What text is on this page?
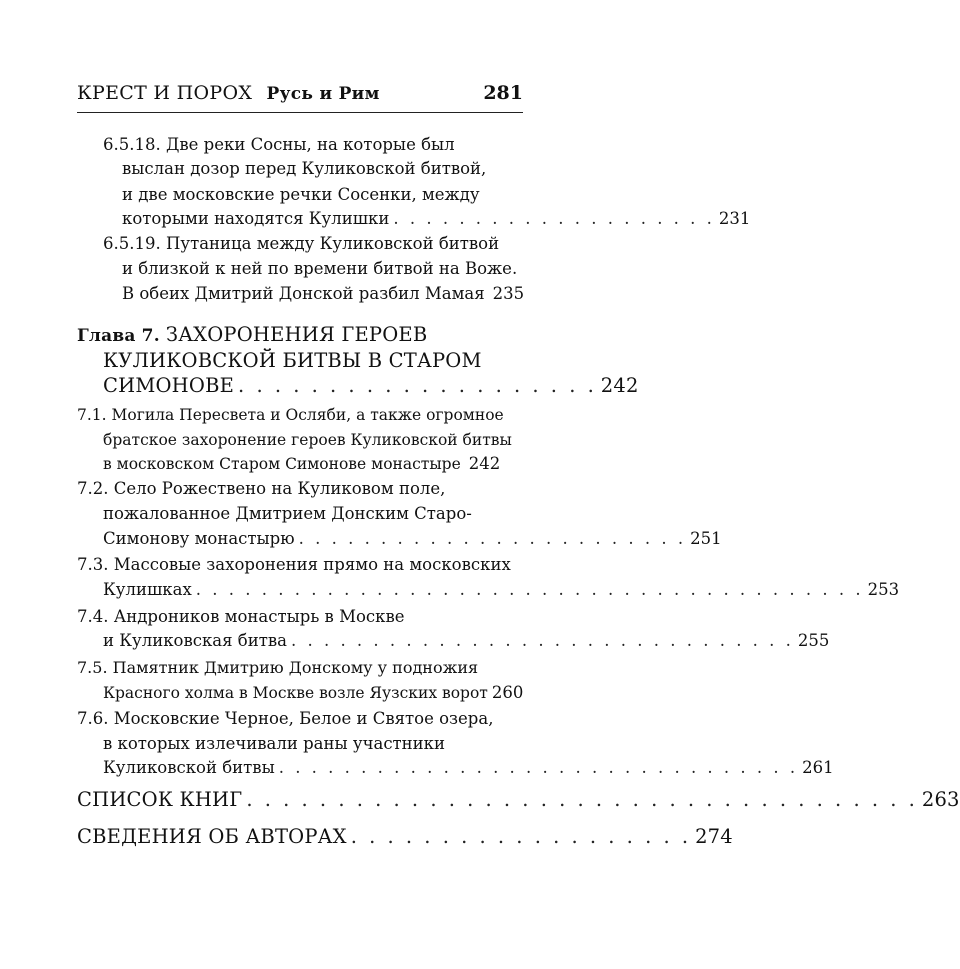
КРЕСТ И ПОРОХ Русь и Рим	281
6.5.18. Две реки Сосны, на которые был
выслан дозор перед Куликовской битвой,
и две московские речки Сосенки, между
которыми находятся Кулишки . . . . . . . . . . . . . . . . . . . . 231
6.5.19. Путаница между Куликовской битвой
и близкой к ней по времени битвой на Воже.
В обеих Дмитрий Донской разбил Мамая 235
Глава 7. ЗАХОРОНЕНИЯ ГЕРОЕВ
КУЛИКОВСКОЙ БИТВЫ В СТАРОМ
СИМОНОВЕ . . . . . . . . . . . . . . . . . . . . 242
7.1. Могила Пересвета и Осляби, а также огромное
братское захоронение героев Куликовской битвы
в московском Старом Симонове монастыре 242
7.2. Село Рожествено на Куликовом поле,
пожалованное Дмитрием Донским Старо-
Симонову монастырю . . . . . . . . . . . . . . . . . . . . . . . . 251
7.3. Массовые захоронения прямо на московских
Кулишках . . . . . . . . . . . . . . . . . . . . . . . . . . . . . . . . . . . . . . . . . 253
7.4. Андроников монастырь в Москве
и Куликовская битва . . . . . . . . . . . . . . . . . . . . . . . . . . . . . . . 255
7.5. Памятник Дмитрию Донскому у подножия
Красного холма в Москве возле Яузских ворот 260
7.6. Московские Черное, Белое и Святое озера,
в которых излечивали раны участники
Куликовской битвы . . . . . . . . . . . . . . . . . . . . . . . . . . . . . . . . 261
СПИСОК КНИГ . . . . . . . . . . . . . . . . . . . . . . . . . . . . . . . . . . . . . 263
СВЕДЕНИЯ ОБ АВТОРАХ . . . . . . . . . . . . . . . . . . . 274
